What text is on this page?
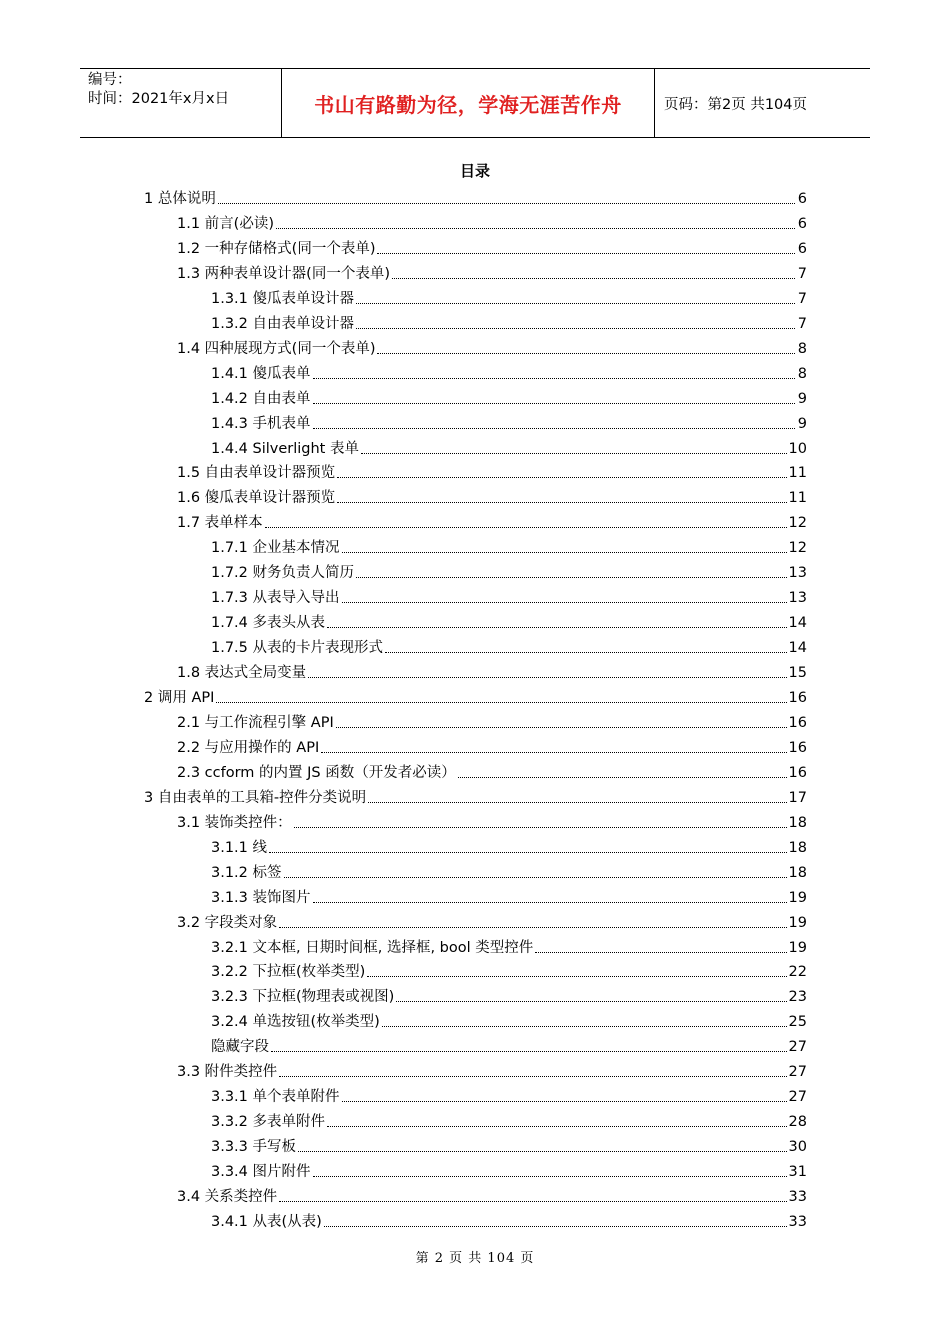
编号：
时间：2021年x月x日	书山有路勤为径，学海无涯苦作舟	页码：第2页 共104页
目录
1 总体说明	6
1.1 前言(必读)	6
1.2 一种存储格式(同一个表单)	6
1.3 两种表单设计器(同一个表单)	7
1.3.1 傻瓜表单设计器	7
1.3.2 自由表单设计器	7
1.4 四种展现方式(同一个表单)	8
1.4.1 傻瓜表单	8
1.4.2 自由表单	9
1.4.3 手机表单	9
1.4.4 Silverlight 表单	10
1.5 自由表单设计器预览	11
1.6 傻瓜表单设计器预览	11
1.7 表单样本	12
1.7.1 企业基本情况	12
1.7.2 财务负责人简历	13
1.7.3 从表导入导出	13
1.7.4 多表头从表	14
1.7.5 从表的卡片表现形式	14
1.8 表达式全局变量	15
2 调用 API	16
2.1 与工作流程引擎 API	16
2.2 与应用操作的 API	16
2.3 ccform 的内置 JS 函数（开发者必读）	16
3 自由表单的工具箱-控件分类说明	17
3.1 装饰类控件：	18
3.1.1 线	18
3.1.2 标签	18
3.1.3 装饰图片	19
3.2 字段类对象	19
3.2.1 文本框, 日期时间框, 选择框, bool 类型控件	19
3.2.2 下拉框(枚举类型)	22
3.2.3 下拉框(物理表或视图)	23
3.2.4 单选按钮(枚举类型)	25
隐藏字段	27
3.3 附件类控件	27
3.3.1 单个表单附件	27
3.3.2 多表单附件	28
3.3.3 手写板	30
3.3.4 图片附件	31
3.4 关系类控件	33
3.4.1 从表(从表)	33
第 2 页 共 104 页
